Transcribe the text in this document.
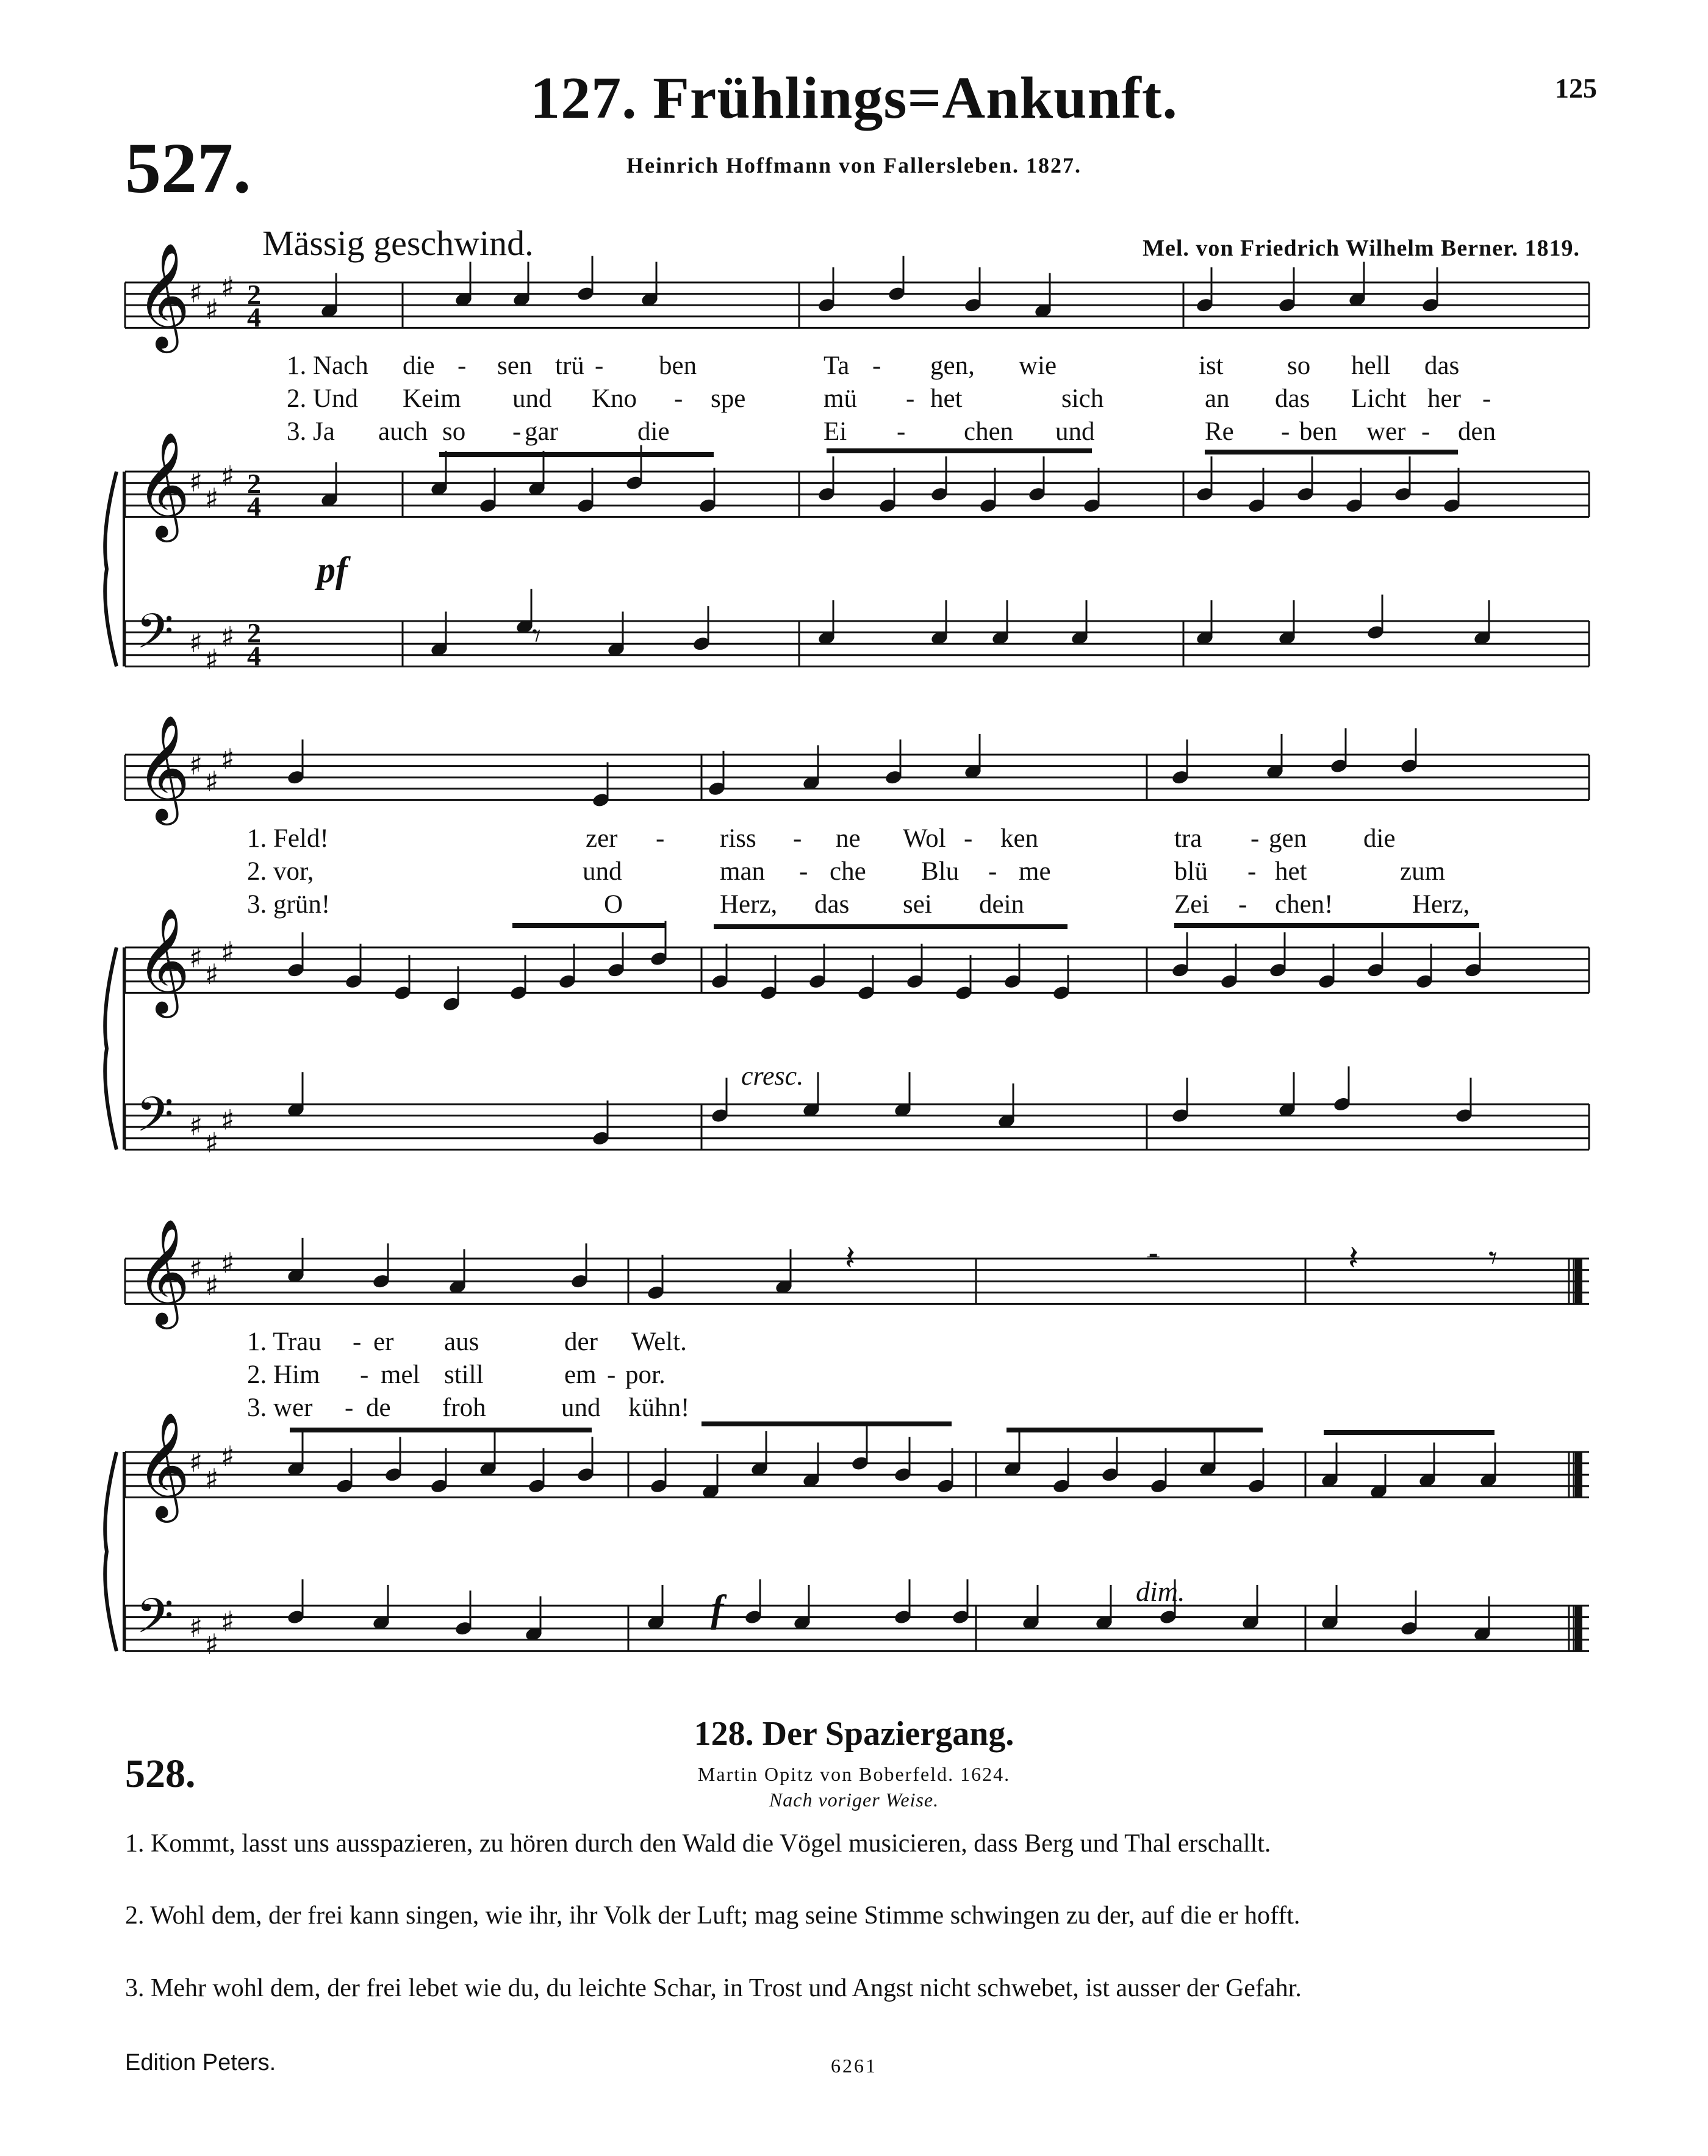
127. Frühlings=Ankunft.	125
527.	Heinrich Hoffmann von Fallersleben. 1827.
Mässig geschwind.	Mel. von Friedrich Wilhelm Berner. 1819.
𝄞
♯
♯
♯ 2
4
𝄞
♯
♯
♯ 2
4
𝄢 ♯
♯
♯ 2
4
𝄞
♯
♯
♯
𝄞
♯
♯
♯
𝄢 ♯
♯
♯
𝄞
♯
♯
♯
𝄞
♯
♯
♯
𝄢 ♯
♯
♯
𝄾
𝄽	𝄼	𝄽	𝄾
1. Nach die - sen trü - ben	Ta - gen, wie	ist so hell das
2. Und Keim und Kno - spe	mü - het	sich	an das Licht her -
3. Ja auch so - gar	die	Ei - chen und	Re - ben wer - den
1. Feld!	zer - riss - ne Wol - ken	tra - gen die
2. vor,	und	man - che Blu - me	blü - het	zum
3. grün!	O	Herz, das sei dein	Zei - chen!	Herz,
1. Trau - er aus	der Welt.
2. Him - mel still	em - por.
3. wer - de froh	und kühn!
pf
cresc.
f	dim.
128. Der Spaziergang.
528.	Martin Opitz von Boberfeld. 1624.
Nach voriger Weise.
1. Kommt, lasst uns ausspazieren, zu hören durch den Wald die Vögel musicieren, dass Berg und Thal erschallt.
2. Wohl dem, der frei kann singen, wie ihr, ihr Volk der Luft; mag seine Stimme schwingen zu der, auf die er hofft.
3. Mehr wohl dem, der frei lebet wie du, du leichte Schar, in Trost und Angst nicht schwebet, ist ausser der Gefahr.
Edition Peters.	6261
